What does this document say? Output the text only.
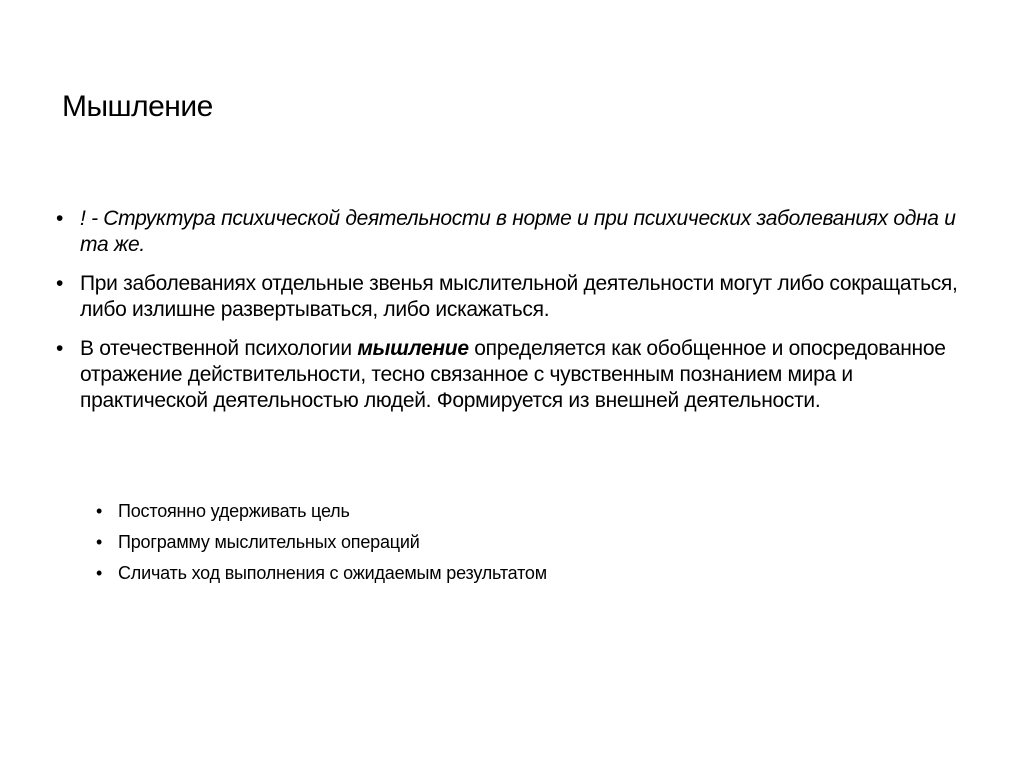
Мышление
• ! - Структура психической деятельности в норме и при психических заболеваниях одна и та же.
• При заболеваниях отдельные звенья мыслительной деятельности могут либо сокращаться, либо излишне развертываться, либо искажаться.
• В отечественной психологии мышление определяется как обобщенное и опосредованное отражение действительности, тесно связанное с чувственным познанием мира и практической деятельностью людей. Формируется из внешней деятельности.
• Постоянно удерживать цель
• Программу мыслительных операций
• Сличать ход выполнения с ожидаемым результатом
